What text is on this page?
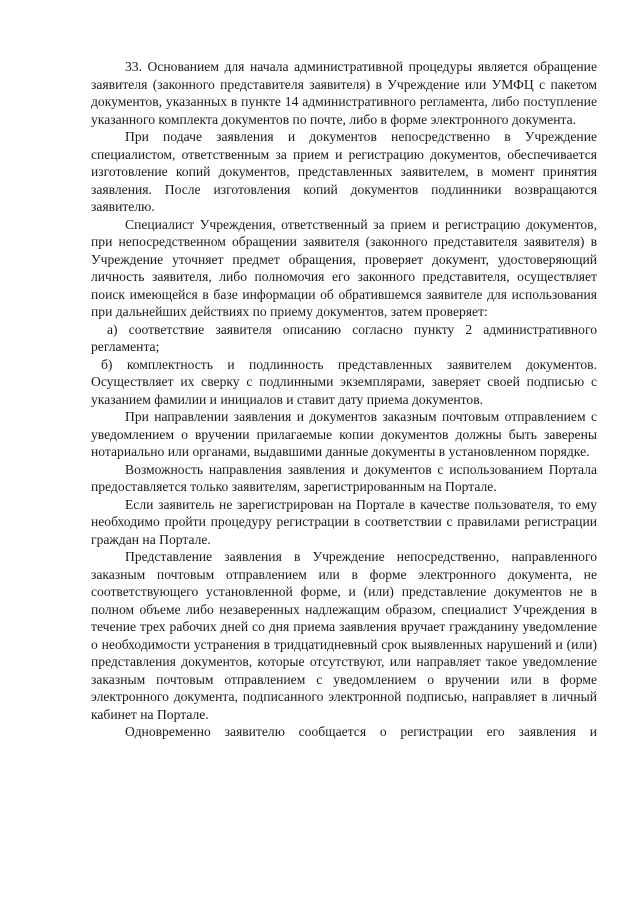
33. Основанием для начала административной процедуры является обращение заявителя (законного представителя заявителя) в Учреждение или УМФЦ с пакетом документов, указанных в пункте 14 административного регламента, либо поступление указанного комплекта документов по почте, либо в форме электронного документа.

При подаче заявления и документов непосредственно в Учреждение специалистом, ответственным за прием и регистрацию документов, обеспечивается изготовление копий документов, представленных заявителем, в момент принятия заявления. После изготовления копий документов подлинники возвращаются заявителю.

Специалист Учреждения, ответственный за прием и регистрацию документов, при непосредственном обращении заявителя (законного представителя заявителя) в Учреждение уточняет предмет обращения, проверяет документ, удостоверяющий личность заявителя, либо полномочия его законного представителя, осуществляет поиск имеющейся в базе информации об обратившемся заявителе для использования при дальнейших действиях по приему документов, затем проверяет:

а) соответствие заявителя описанию согласно пункту 2 административного регламента;

б) комплектность и подлинность представленных заявителем документов. Осуществляет их сверку с подлинными экземплярами, заверяет своей подписью с указанием фамилии и инициалов и ставит дату приема документов.

При направлении заявления и документов заказным почтовым отправлением с уведомлением о вручении прилагаемые копии документов должны быть заверены нотариально или органами, выдавшими данные документы в установленном порядке.

Возможность направления заявления и документов с использованием Портала предоставляется только заявителям, зарегистрированным на Портале.

Если заявитель не зарегистрирован на Портале в качестве пользователя, то ему необходимо пройти процедуру регистрации в соответствии с правилами регистрации граждан на Портале.

Представление заявления в Учреждение непосредственно, направленного заказным почтовым отправлением или в форме электронного документа, не соответствующего установленной форме, и (или) представление документов не в полном объеме либо незаверенных надлежащим образом, специалист Учреждения в течение трех рабочих дней со дня приема заявления вручает гражданину уведомление о необходимости устранения в тридцатидневный срок выявленных нарушений и (или) представления документов, которые отсутствуют, или направляет такое уведомление заказным почтовым отправлением с уведомлением о вручении или в форме электронного документа, подписанного электронной подписью, направляет в личный кабинет на Портале.

Одновременно заявителю сообщается о регистрации его заявления и
